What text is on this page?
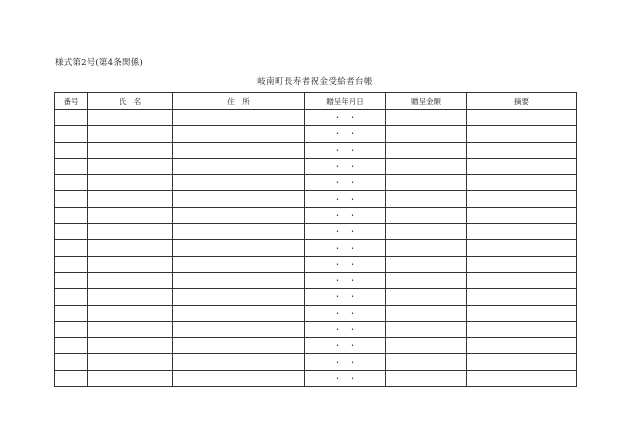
様式第2号(第4条関係)
岐南町長寿者祝金受給者台帳
番号	氏　名	住　所	贈呈年月日	贈呈金額	摘要
			・　・		
			・　・		
			・　・		
			・　・		
			・　・		
			・　・		
			・　・		
			・　・		
			・　・		
			・　・		
			・　・		
			・　・		
			・　・		
			・　・		
			・　・		
			・　・		
			・　・		
